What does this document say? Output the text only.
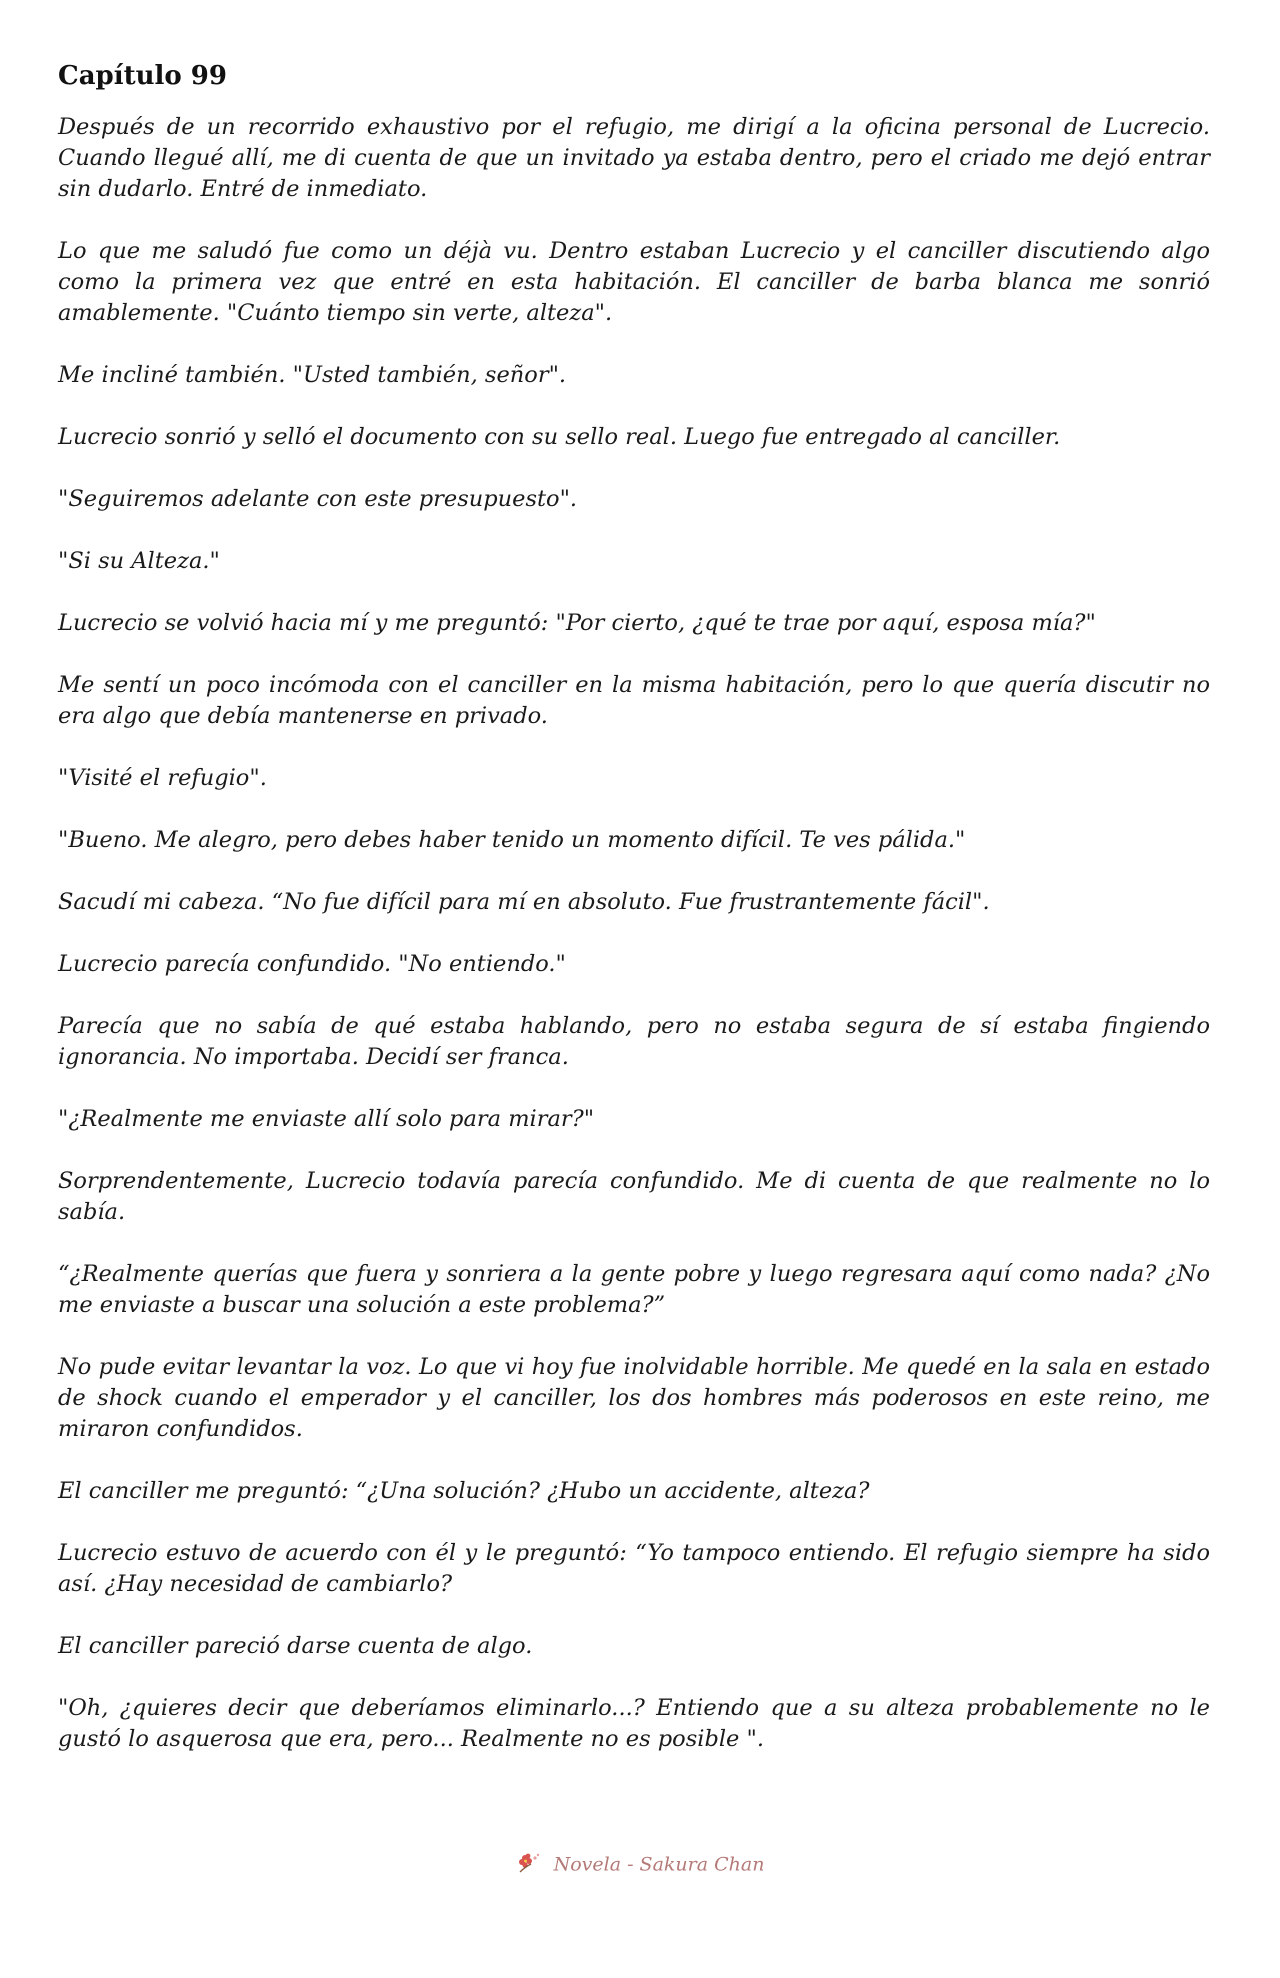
Capítulo 99

Después de un recorrido exhaustivo por el refugio, me dirigí a la oficina personal de Lucrecio. Cuando llegué allí, me di cuenta de que un invitado ya estaba dentro, pero el criado me dejó entrar sin dudarlo. Entré de inmediato.

Lo que me saludó fue como un déjà vu. Dentro estaban Lucrecio y el canciller discutiendo algo como la primera vez que entré en esta habitación. El canciller de barba blanca me sonrió amablemente. "Cuánto tiempo sin verte, alteza".

Me incliné también. "Usted también, señor".

Lucrecio sonrió y selló el documento con su sello real. Luego fue entregado al canciller.

"Seguiremos adelante con este presupuesto".

"Si su Alteza."

Lucrecio se volvió hacia mí y me preguntó: "Por cierto, ¿qué te trae por aquí, esposa mía?"

Me sentí un poco incómoda con el canciller en la misma habitación, pero lo que quería discutir no era algo que debía mantenerse en privado.

"Visité el refugio".

"Bueno. Me alegro, pero debes haber tenido un momento difícil. Te ves pálida."

Sacudí mi cabeza. “No fue difícil para mí en absoluto. Fue frustrantemente fácil".

Lucrecio parecía confundido. "No entiendo."

Parecía que no sabía de qué estaba hablando, pero no estaba segura de sí estaba fingiendo ignorancia. No importaba. Decidí ser franca.

"¿Realmente me enviaste allí solo para mirar?"

Sorprendentemente, Lucrecio todavía parecía confundido. Me di cuenta de que realmente no lo sabía.

“¿Realmente querías que fuera y sonriera a la gente pobre y luego regresara aquí como nada? ¿No me enviaste a buscar una solución a este problema?”

No pude evitar levantar la voz. Lo que vi hoy fue inolvidable horrible. Me quedé en la sala en estado de shock cuando el emperador y el canciller, los dos hombres más poderosos en este reino, me miraron confundidos.

El canciller me preguntó: “¿Una solución? ¿Hubo un accidente, alteza?

Lucrecio estuvo de acuerdo con él y le preguntó: “Yo tampoco entiendo. El refugio siempre ha sido así. ¿Hay necesidad de cambiarlo?

El canciller pareció darse cuenta de algo.

"Oh, ¿quieres decir que deberíamos eliminarlo...? Entiendo que a su alteza probablemente no le gustó lo asquerosa que era, pero... Realmente no es posible ".

Novela - Sakura Chan
